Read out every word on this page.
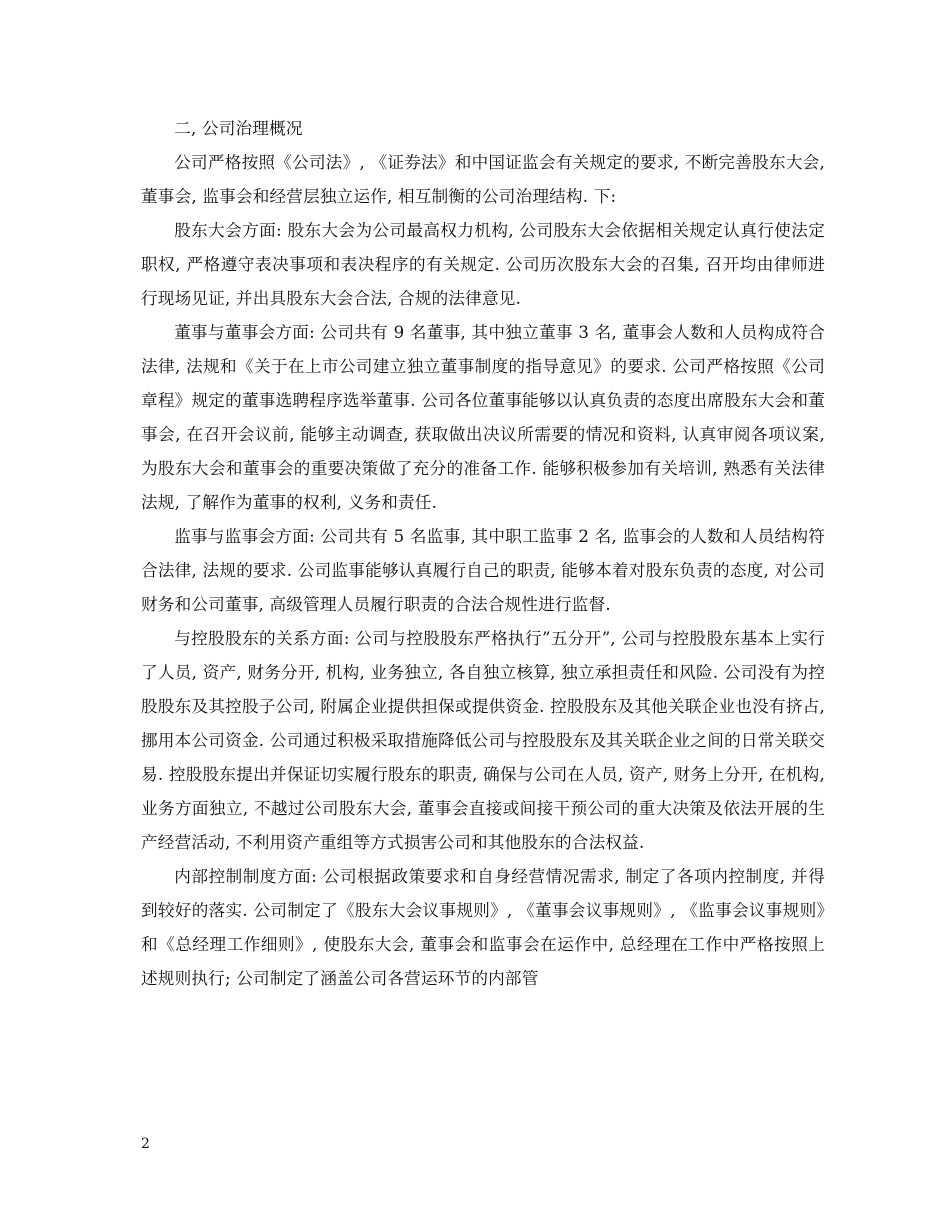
二, 公司治理概况

公司严格按照《公司法》, 《证券法》和中国证监会有关规定的要求, 不断完善股东大会, 董事会, 监事会和经营层独立运作, 相互制衡的公司治理结构. 下:

股东大会方面: 股东大会为公司最高权力机构, 公司股东大会依据相关规定认真行使法定职权, 严格遵守表决事项和表决程序的有关规定. 公司历次股东大会的召集, 召开均由律师进行现场见证, 并出具股东大会合法, 合规的法律意见.

董事与董事会方面: 公司共有 9 名董事, 其中独立董事 3 名, 董事会人数和人员构成符合法律, 法规和《关于在上市公司建立独立董事制度的指导意见》的要求. 公司严格按照《公司章程》规定的董事选聘程序选举董事. 公司各位董事能够以认真负责的态度出席股东大会和董事会, 在召开会议前, 能够主动调查, 获取做出决议所需要的情况和资料, 认真审阅各项议案, 为股东大会和董事会的重要决策做了充分的准备工作. 能够积极参加有关培训, 熟悉有关法律法规, 了解作为董事的权利, 义务和责任.

监事与监事会方面: 公司共有 5 名监事, 其中职工监事 2 名, 监事会的人数和人员结构符合法律, 法规的要求. 公司监事能够认真履行自己的职责, 能够本着对股东负责的态度, 对公司财务和公司董事, 高级管理人员履行职责的合法合规性进行监督.

与控股股东的关系方面: 公司与控股股东严格执行”五分开”, 公司与控股股东基本上实行了人员, 资产, 财务分开, 机构, 业务独立, 各自独立核算, 独立承担责任和风险. 公司没有为控股股东及其控股子公司, 附属企业提供担保或提供资金. 控股股东及其他关联企业也没有挤占, 挪用本公司资金. 公司通过积极采取措施降低公司与控股股东及其关联企业之间的日常关联交易. 控股股东提出并保证切实履行股东的职责, 确保与公司在人员, 资产, 财务上分开, 在机构, 业务方面独立, 不越过公司股东大会, 董事会直接或间接干预公司的重大决策及依法开展的生产经营活动, 不利用资产重组等方式损害公司和其他股东的合法权益.

内部控制制度方面: 公司根据政策要求和自身经营情况需求, 制定了各项内控制度, 并得到较好的落实. 公司制定了《股东大会议事规则》, 《董事会议事规则》, 《监事会议事规则》和《总经理工作细则》, 使股东大会, 董事会和监事会在运作中, 总经理在工作中严格按照上述规则执行; 公司制定了涵盖公司各营运环节的内部管

2
